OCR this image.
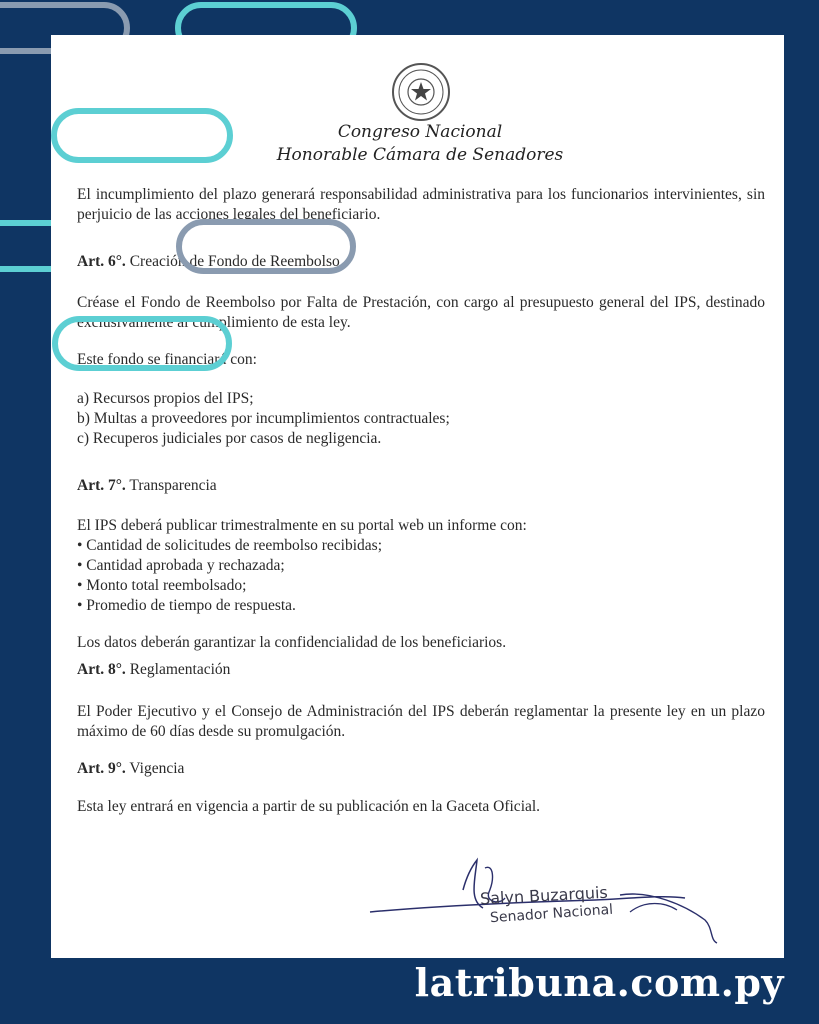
Congreso Nacional
Honorable Cámara de Senadores
El incumplimiento del plazo generará responsabilidad administrativa para los funcionarios intervinientes, sin perjuicio de las acciones legales del beneficiario.
Art. 6°. Creación de Fondo de Reembolso
Créase el Fondo de Reembolso por Falta de Prestación, con cargo al presupuesto general del IPS, destinado exclusivamente al cumplimiento de esta ley.
Este fondo se financiará con:
a) Recursos propios del IPS;
b) Multas a proveedores por incumplimientos contractuales;
c) Recuperos judiciales por casos de negligencia.
Art. 7°. Transparencia
El IPS deberá publicar trimestralmente en su portal web un informe con:
• Cantidad de solicitudes de reembolso recibidas;
• Cantidad aprobada y rechazada;
• Monto total reembolsado;
• Promedio de tiempo de respuesta.
Los datos deberán garantizar la confidencialidad de los beneficiarios.
Art. 8°. Reglamentación
El Poder Ejecutivo y el Consejo de Administración del IPS deberán reglamentar la presente ley en un plazo máximo de 60 días desde su promulgación.
Art. 9°. Vigencia
Esta ley entrará en vigencia a partir de su publicación en la Gaceta Oficial.
Salyn Buzarquis
Senador Nacional
latribuna.com.py
